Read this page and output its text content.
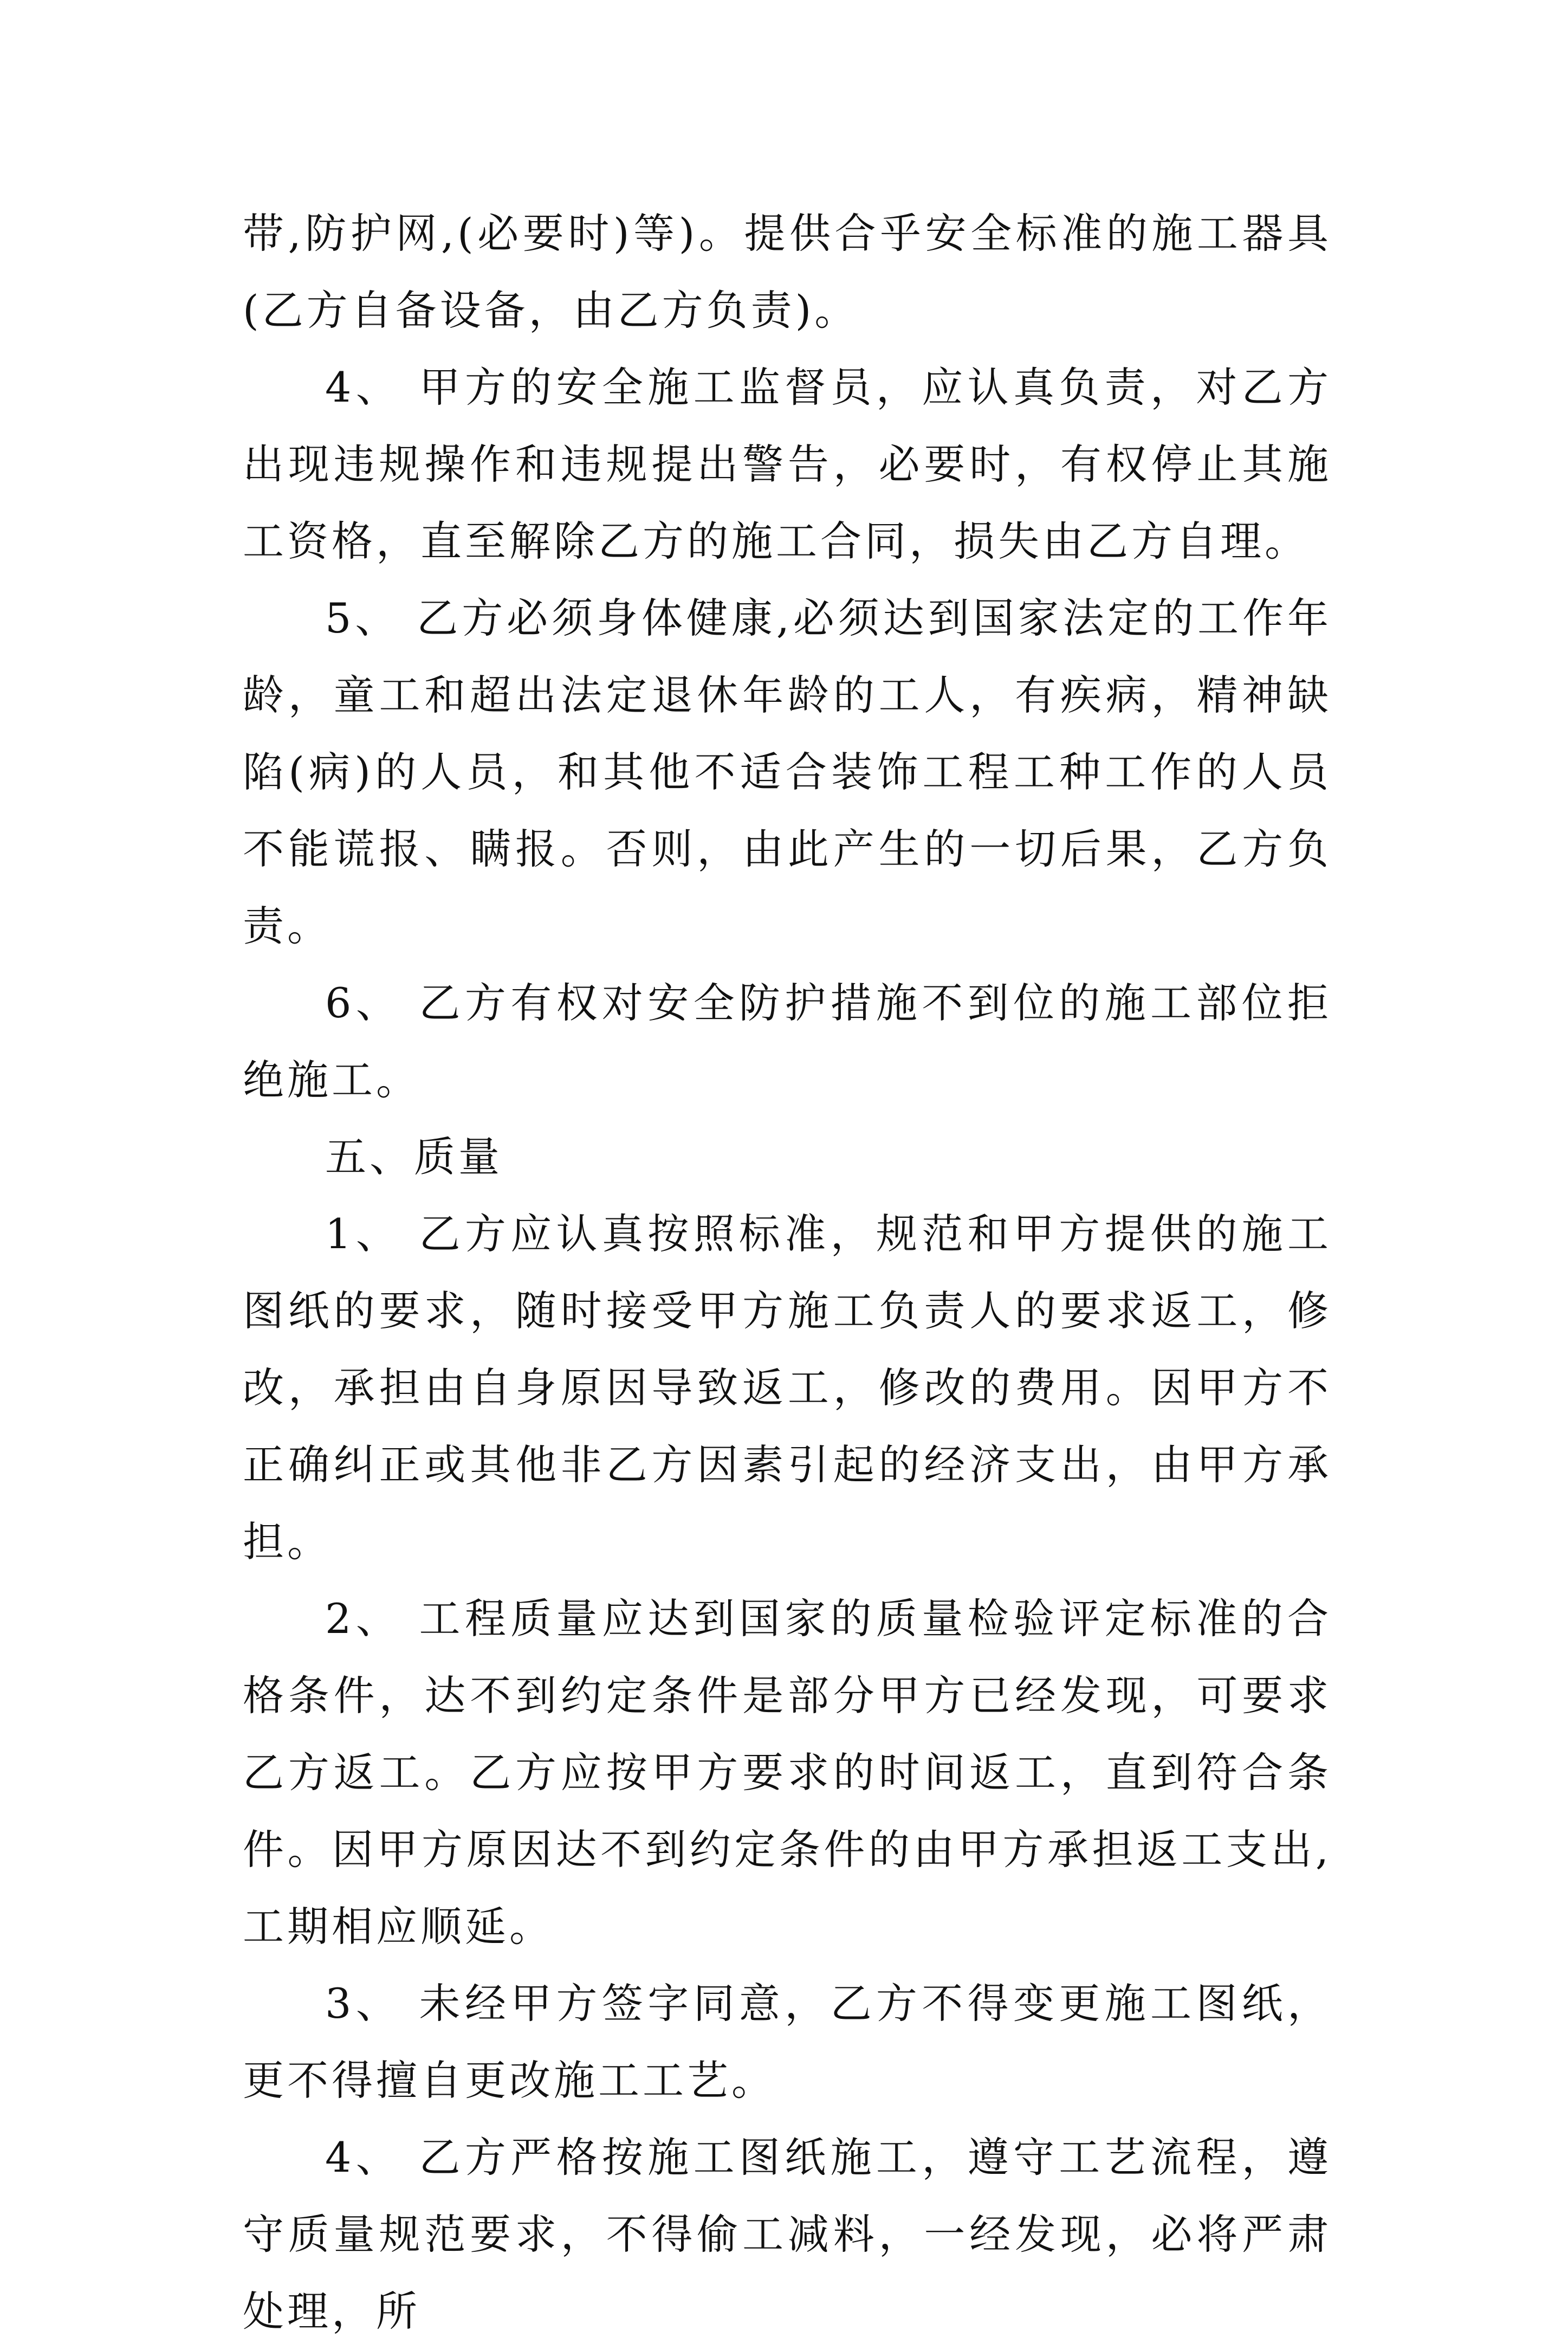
带,防护网,(必要时)等)。提供合乎安全标准的施工器具(乙方自备设备，由乙方负责)。

4、 甲方的安全施工监督员，应认真负责，对乙方出现违规操作和违规提出警告，必要时，有权停止其施工资格，直至解除乙方的施工合同，损失由乙方自理。

5、 乙方必须身体健康,必须达到国家法定的工作年龄，童工和超出法定退休年龄的工人，有疾病，精神缺陷(病)的人员，和其他不适合装饰工程工种工作的人员不能谎报、瞒报。否则，由此产生的一切后果，乙方负责。

6、 乙方有权对安全防护措施不到位的施工部位拒绝施工。

五、质量

1、 乙方应认真按照标准，规范和甲方提供的施工图纸的要求，随时接受甲方施工负责人的要求返工，修改，承担由自身原因导致返工，修改的费用。因甲方不正确纠正或其他非乙方因素引起的经济支出，由甲方承担。

2、 工程质量应达到国家的质量检验评定标准的合格条件，达不到约定条件是部分甲方已经发现，可要求乙方返工。乙方应按甲方要求的时间返工，直到符合条件。因甲方原因达不到约定条件的由甲方承担返工支出,工期相应顺延。

3、 未经甲方签字同意，乙方不得变更施工图纸，更不得擅自更改施工工艺。

4、 乙方严格按施工图纸施工，遵守工艺流程，遵守质量规范要求，不得偷工减料，一经发现，必将严肃处理，所
